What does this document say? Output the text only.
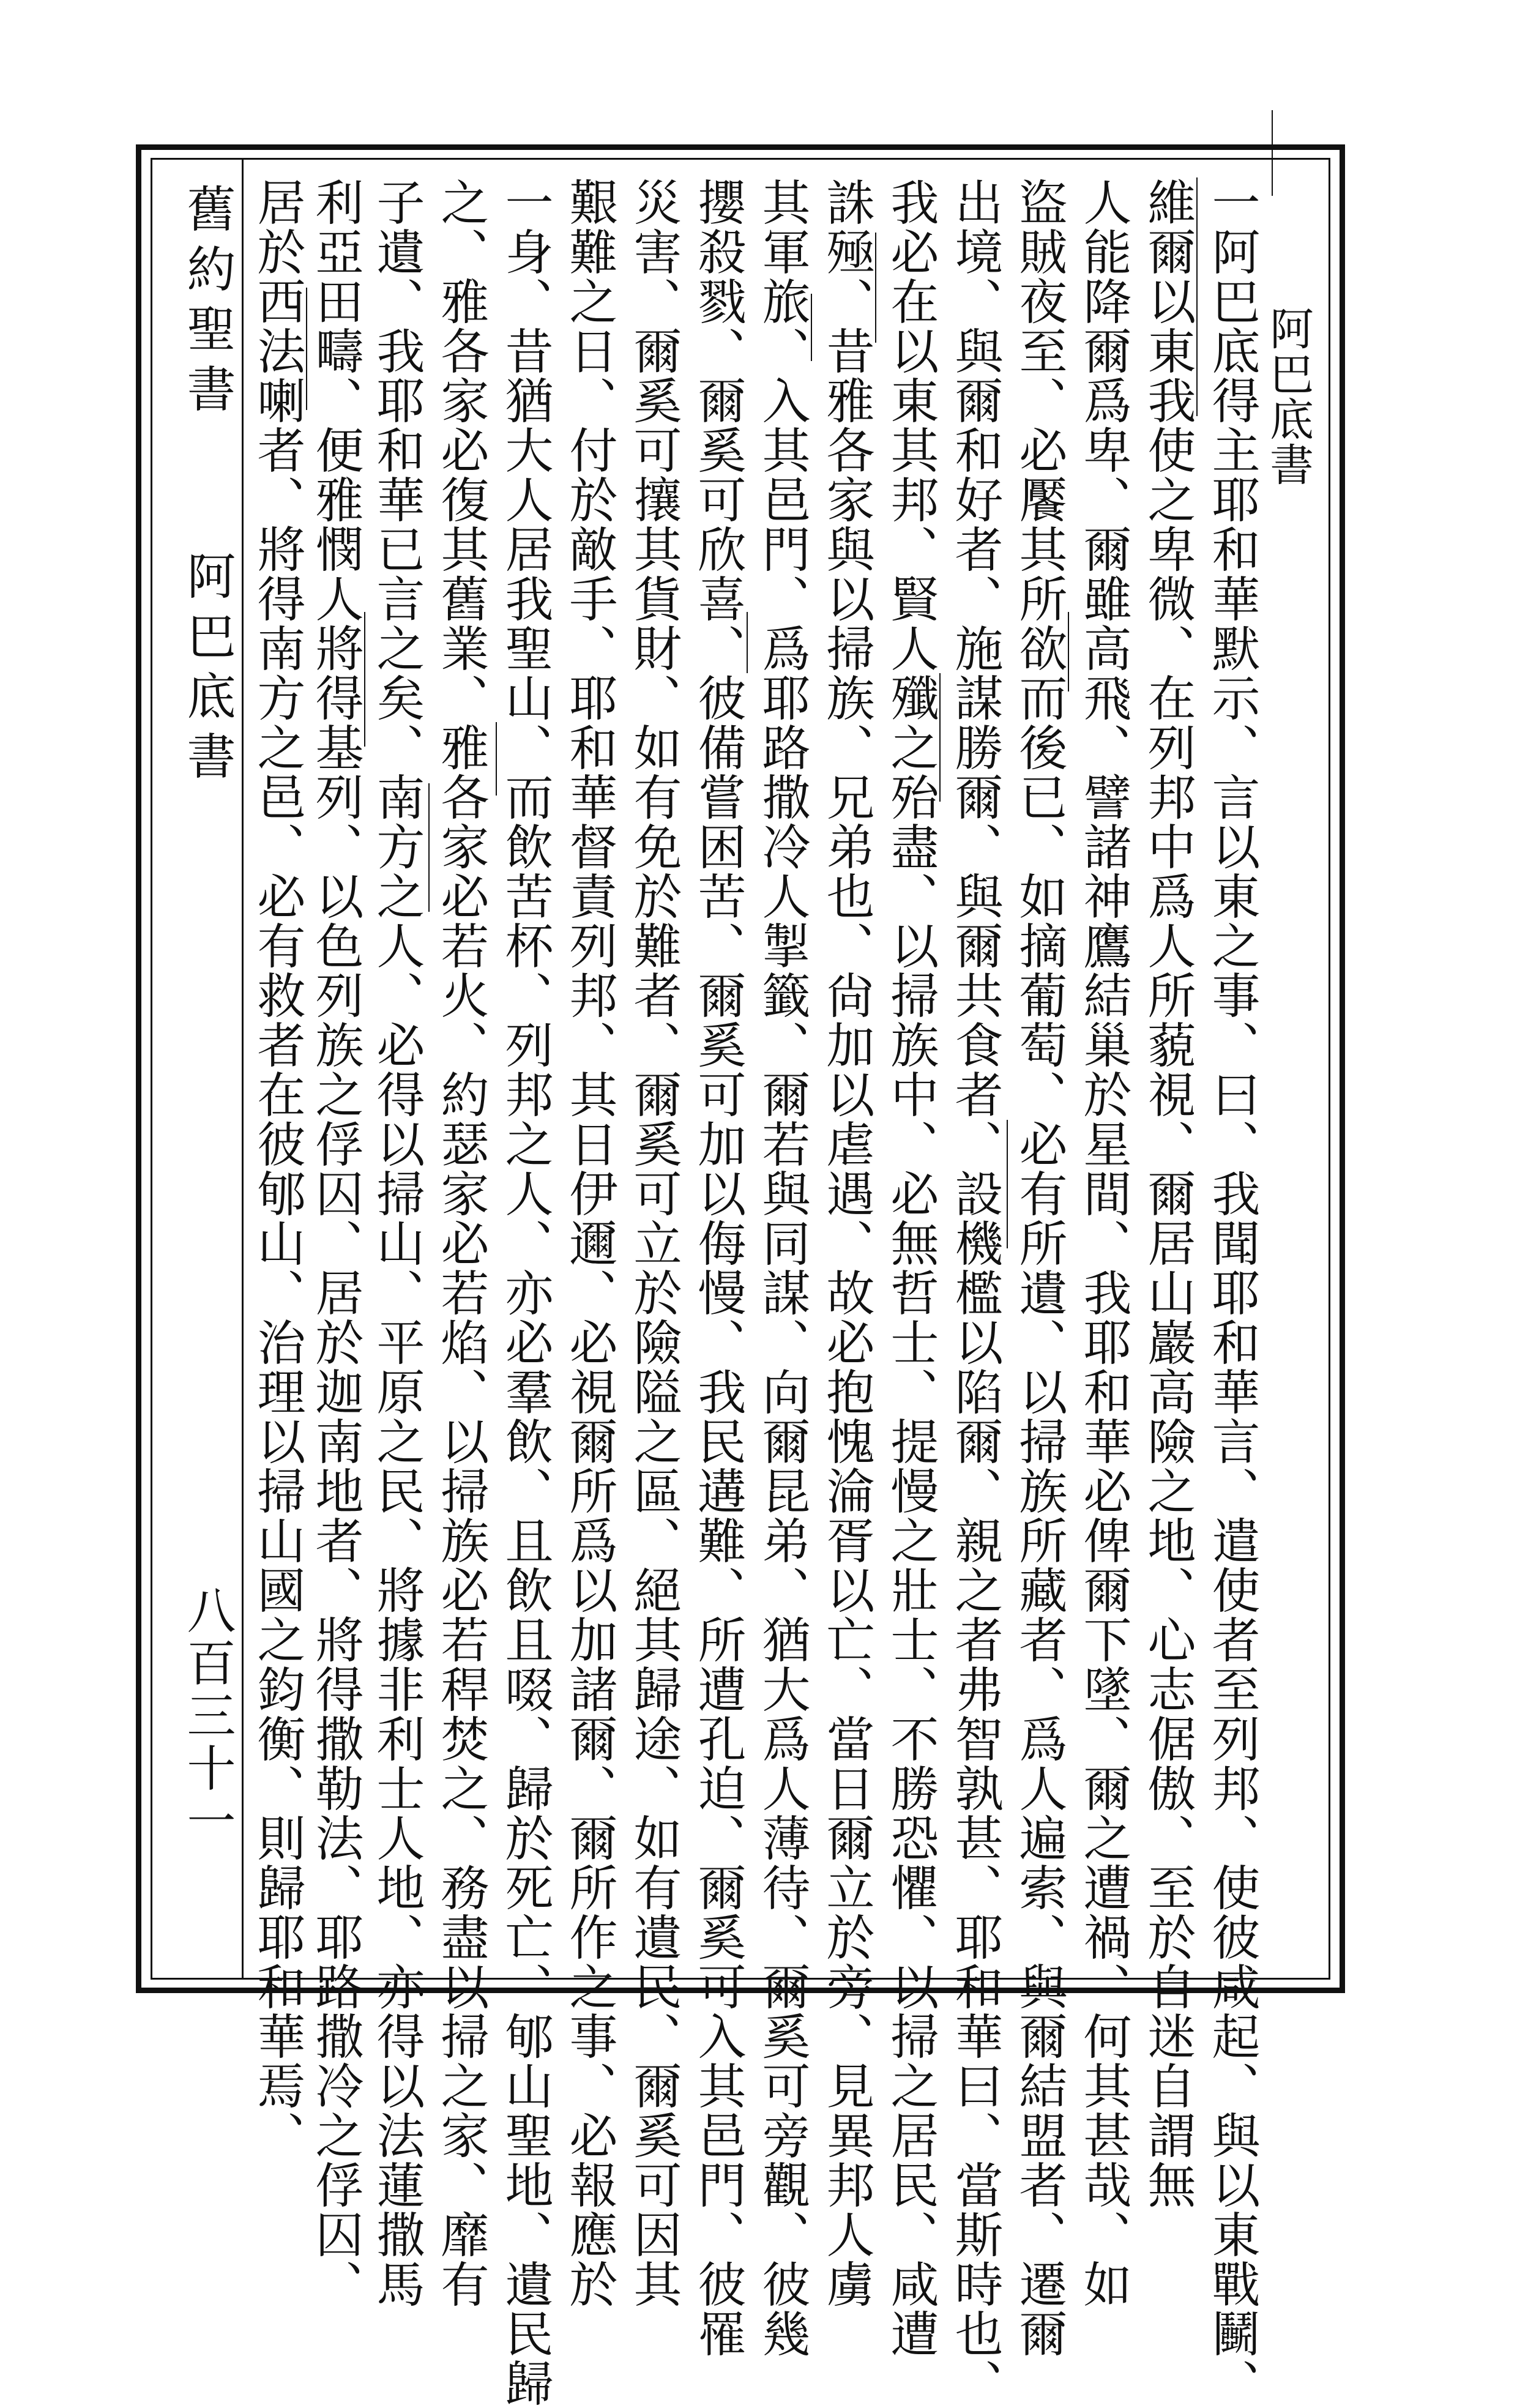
阿巴底書
一阿巴底得主耶和華默示、言以東之事、曰、我聞耶和華言、遣使者至列邦、使彼咸起、與以東戰鬭、
維爾以東我使之卑微、在列邦中爲人所藐視、爾居山巖高險之地、心志倨傲、至於自迷自謂無
人能降爾爲卑、爾雖高飛、譬諸神鷹結巢於星間、我耶和華必俾爾下墜、爾之遭禍、何其甚哉、如
盜賊夜至、必饜其所欲而後已、如摘葡萄、必有所遺、以掃族所藏者、爲人遍索、與爾結盟者、遷爾
出境、與爾和好者、施謀勝爾、與爾共食者、設機檻以陷爾、親之者弗智孰甚、耶和華曰、當斯時也、
我必在以東其邦、賢人殲之殆盡、以掃族中、必無哲士、提慢之壯士、不勝恐懼、以掃之居民、咸遭
誅殛、昔雅各家與以掃族、兄弟也、尙加以虐遇、故必抱愧淪胥以亡、當日爾立於旁、見異邦人虜
其軍旅、入其邑門、爲耶路撒冷人掣籤、爾若與同謀、向爾昆弟、猶大爲人薄待、爾奚可旁觀、彼幾
攖殺戮、爾奚可欣喜、彼備嘗困苦、爾奚可加以侮慢、我民遘難、所遭孔迫、爾奚可入其邑門、彼罹
災害、爾奚可攘其貨財、如有免於難者、爾奚可立於險隘之區、絕其歸途、如有遺民、爾奚可因其
艱難之日、付於敵手、耶和華督責列邦、其日伊邇、必視爾所爲以加諸爾、爾所作之事、必報應於
一身、昔猶大人居我聖山、而飲苦杯、列邦之人、亦必羣飲、且飲且啜、歸於死亡、郇山聖地、遺民歸
之、雅各家必復其舊業、雅各家必若火、約瑟家必若焰、以掃族必若稈焚之、務盡以掃之家、靡有
子遺、我耶和華已言之矣、南方之人、必得以掃山、平原之民、將據非利士人地、亦得以法蓮撒馬
利亞田疇、便雅憫人將得基列、以色列族之俘囚、居於迦南地者、將得撒勒法、耶路撒冷之俘囚、
居於西法喇者、將得南方之邑、必有救者在彼郇山、治理以掃山國之鈞衡、則歸耶和華焉、
舊約聖書
阿巴底書
八百三十一
